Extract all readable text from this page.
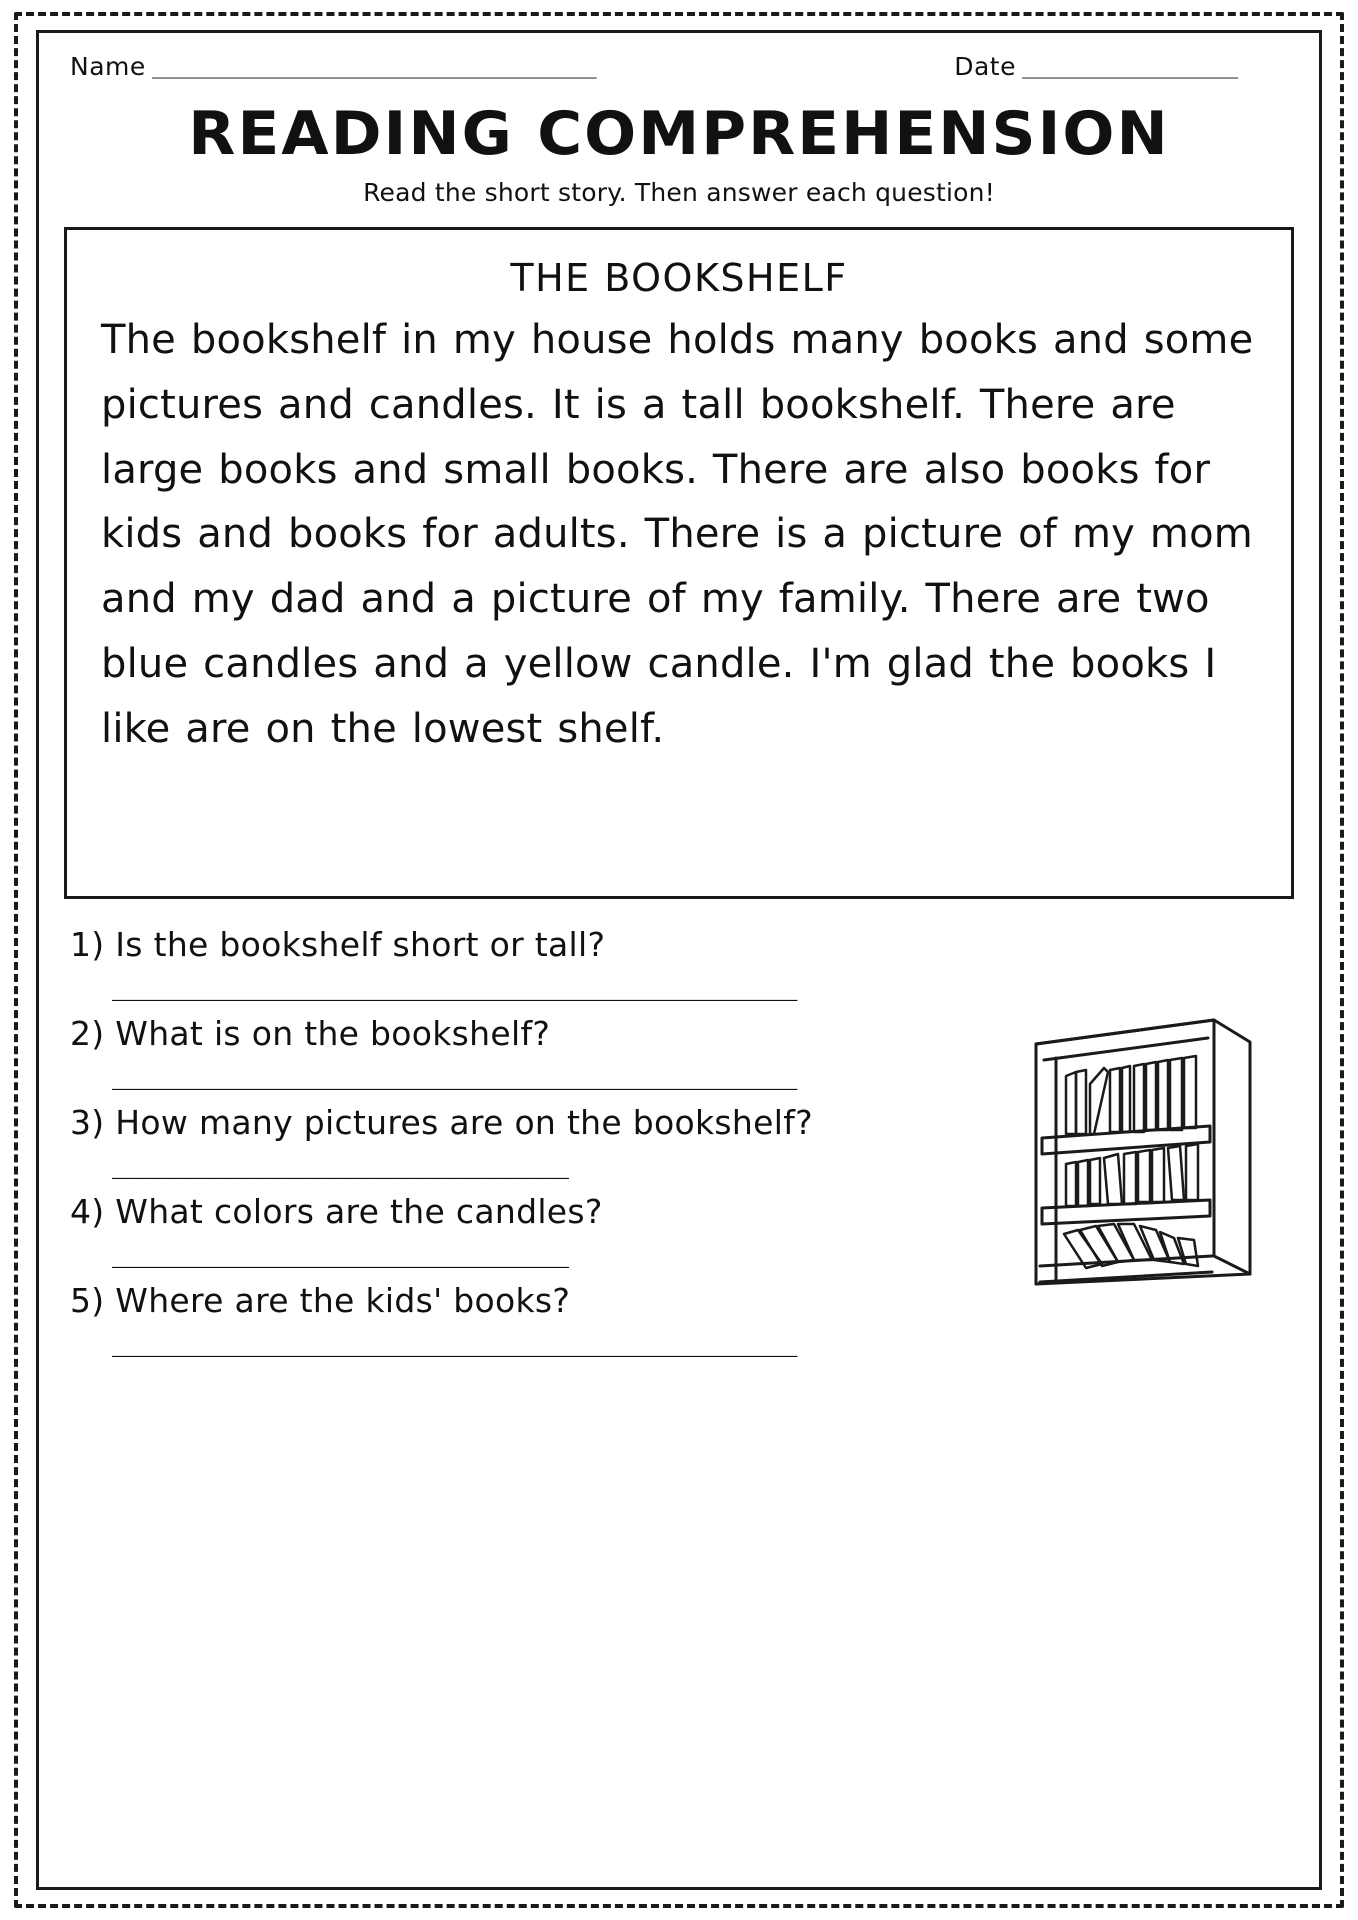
Name _________________________________	Date ________________
READING COMPREHENSION
Read the short story. Then answer each question!
THE BOOKSHELF
The bookshelf in my house holds many books and some pictures and candles. It is a tall bookshelf. There are large books and small books. There are also books for kids and books for adults. There is a picture of my mom and my dad and a picture of my family. There are two blue candles and a yellow candle. I'm glad the books I like are on the lowest shelf.
1) Is the bookshelf short or tall?
_______________________________________
2) What is on the bookshelf?
_______________________________________
3) How many pictures are on the bookshelf?
__________________________
4) What colors are the candles?
__________________________
5) Where are the kids' books?
_______________________________________
